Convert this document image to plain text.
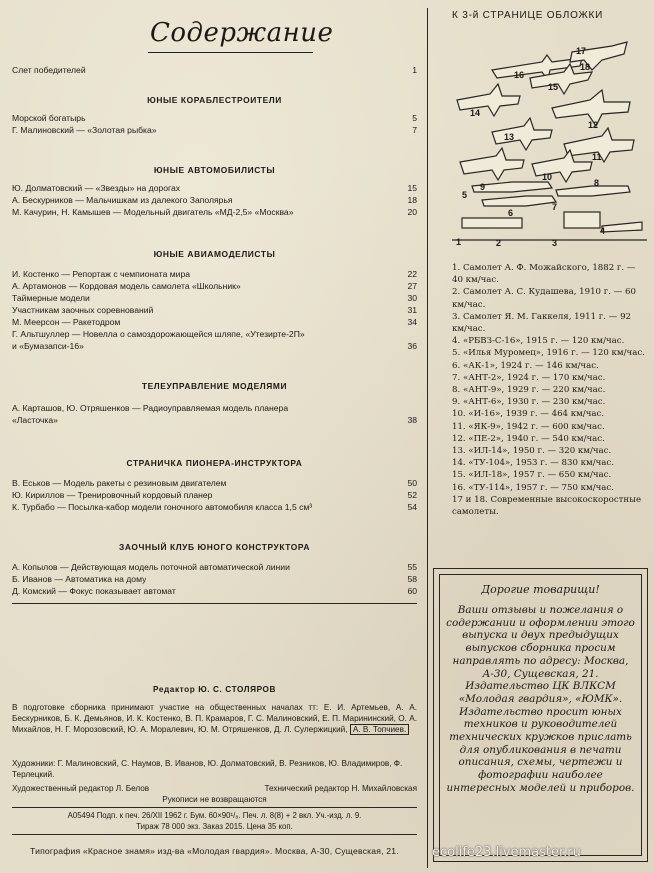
Содержание
Слет победителей	1
ЮНЫЕ КОРАБЛЕСТРОИТЕЛИ
Морской богатырь	5
Г. Малиновский — «Золотая рыбка»	7
ЮНЫЕ АВТОМОБИЛИСТЫ
Ю. Долматовский — «Звезды» на дорогах	15
А. Бескурников — Мальчишкам из далекого Заполярья	18
М. Качурин, Н. Камышев — Модельный двигатель «МД-2,5» «Москва»	20
ЮНЫЕ АВИАМОДЕЛИСТЫ
И. Костенко — Репортаж с чемпионата мира	22
А. Артамонов — Кордовая модель самолета «Школьник»	27
Таймерные модели	30
Участникам заочных соревнований	31
М. Меерсон — Ракетодром	34
Г. Альтшуллер — Новелла о самоздорожающейся шляпе, «Утезирте-2П»
и «Бумазапси-16»	36
ТЕЛЕУПРАВЛЕНИЕ МОДЕЛЯМИ
А. Карташов, Ю. Отряшенков — Радиоуправляемая модель планера
«Ласточка»	38
СТРАНИЧКА ПИОНЕРА-ИНСТРУКТОРА
В. Еськов — Модель ракеты с резиновым двигателем	50
Ю. Кириллов — Тренировочный кордовый планер	52
К. Турбабо — Посылка-кабор модели гоночного автомобиля класса 1,5 см³	54
ЗАОЧНЫЙ КЛУБ ЮНОГО КОНСТРУКТОРА
А. Копылов — Действующая модель поточной автоматической линии	55
Б. Иванов — Автоматика на дому	58
Д. Комский — Фокус показывает автомат	60
Редактор Ю. С. СТОЛЯРОВ
В подготовке сборника принимают участие на общественных началах тт: Е. И. Артемьев, А. А. Бескурников, Б. К. Демьянов, И. К. Костенко, В. П. Крамаров, Г. С. Малиновский, Е. П. Марининский, О. А. Михайлов, Н. Г. Морозовский, Ю. А. Моралевич, Ю. М. Отряшенков, Д. Л. Сулержицкий, А. В. Топчиев.
Художники: Г. Малиновский, С. Наумов, В. Иванов, Ю. Долматовский, В. Резников, Ю. Владимиров, Ф. Терлецкий.
Художественный редактор Л. Белов	Технический редактор Н. Михайловская
Рукописи не возвращаются
А05494 Подп. к печ. 26/XII 1962 г. Бум. 60×90¹/₈. Печ. л. 8(8) + 2 вкл. Уч.-изд. л. 9.
Тираж 78 000 экз. Заказ 2015. Цена 35 коп.
Типография «Красное знамя» изд-ва «Молодая гвардия». Москва, А-30, Сущевская, 21.
К 3-й СТРАНИЦЕ ОБЛОЖКИ
1	2	3
4
5
6
7
8
9
10
11
12
13
14
15
16
17
18
1. Самолет А. Ф. Можайского, 1882 г. — 40 км/час.
2. Самолет А. С. Кудашева, 1910 г. — 60 км/час.
3. Самолет Я. М. Гаккеля, 1911 г. — 92 км/час.
4. «РБВЗ-С-16», 1915 г. — 120 км/час.
5. «Илья Муромец», 1916 г. — 120 км/час.
6. «АК-1», 1924 г. — 146 км/час.
7. «АНТ-2», 1924 г. — 170 км/час.
8. «АНТ-9», 1929 г. — 220 км/час.
9. «АНТ-6», 1930 г. — 230 км/час.
10. «И-16», 1939 г. — 464 км/час.
11. «ЯК-9», 1942 г. — 600 км/час.
12. «ПЕ-2», 1940 г. — 540 км/час.
13. «ИЛ-14», 1950 г. — 320 км/час.
14. «ТУ-104», 1953 г. — 830 км/час.
15. «ИЛ-18», 1957 г. — 650 км/час.
16. «ТУ-114», 1957 г. — 750 км/час.
17 и 18. Современные высокоскоростные самолеты.
Дорогие товарищи!
Ваши отзывы и пожелания о содержании и оформлении этого выпуска и двух предыдущих выпусков сборника просим направлять по адресу: Москва, А-30, Сущевская, 21. Издательство ЦК ВЛКСМ «Молодая гвардия», «ЮМК». Издательство просит юных техников и руководителей технических кружков прислать для опубликования в печати описания, схемы, чертежи и фотографии наиболее интересных моделей и приборов.
ecolife23.livemaster.ru
